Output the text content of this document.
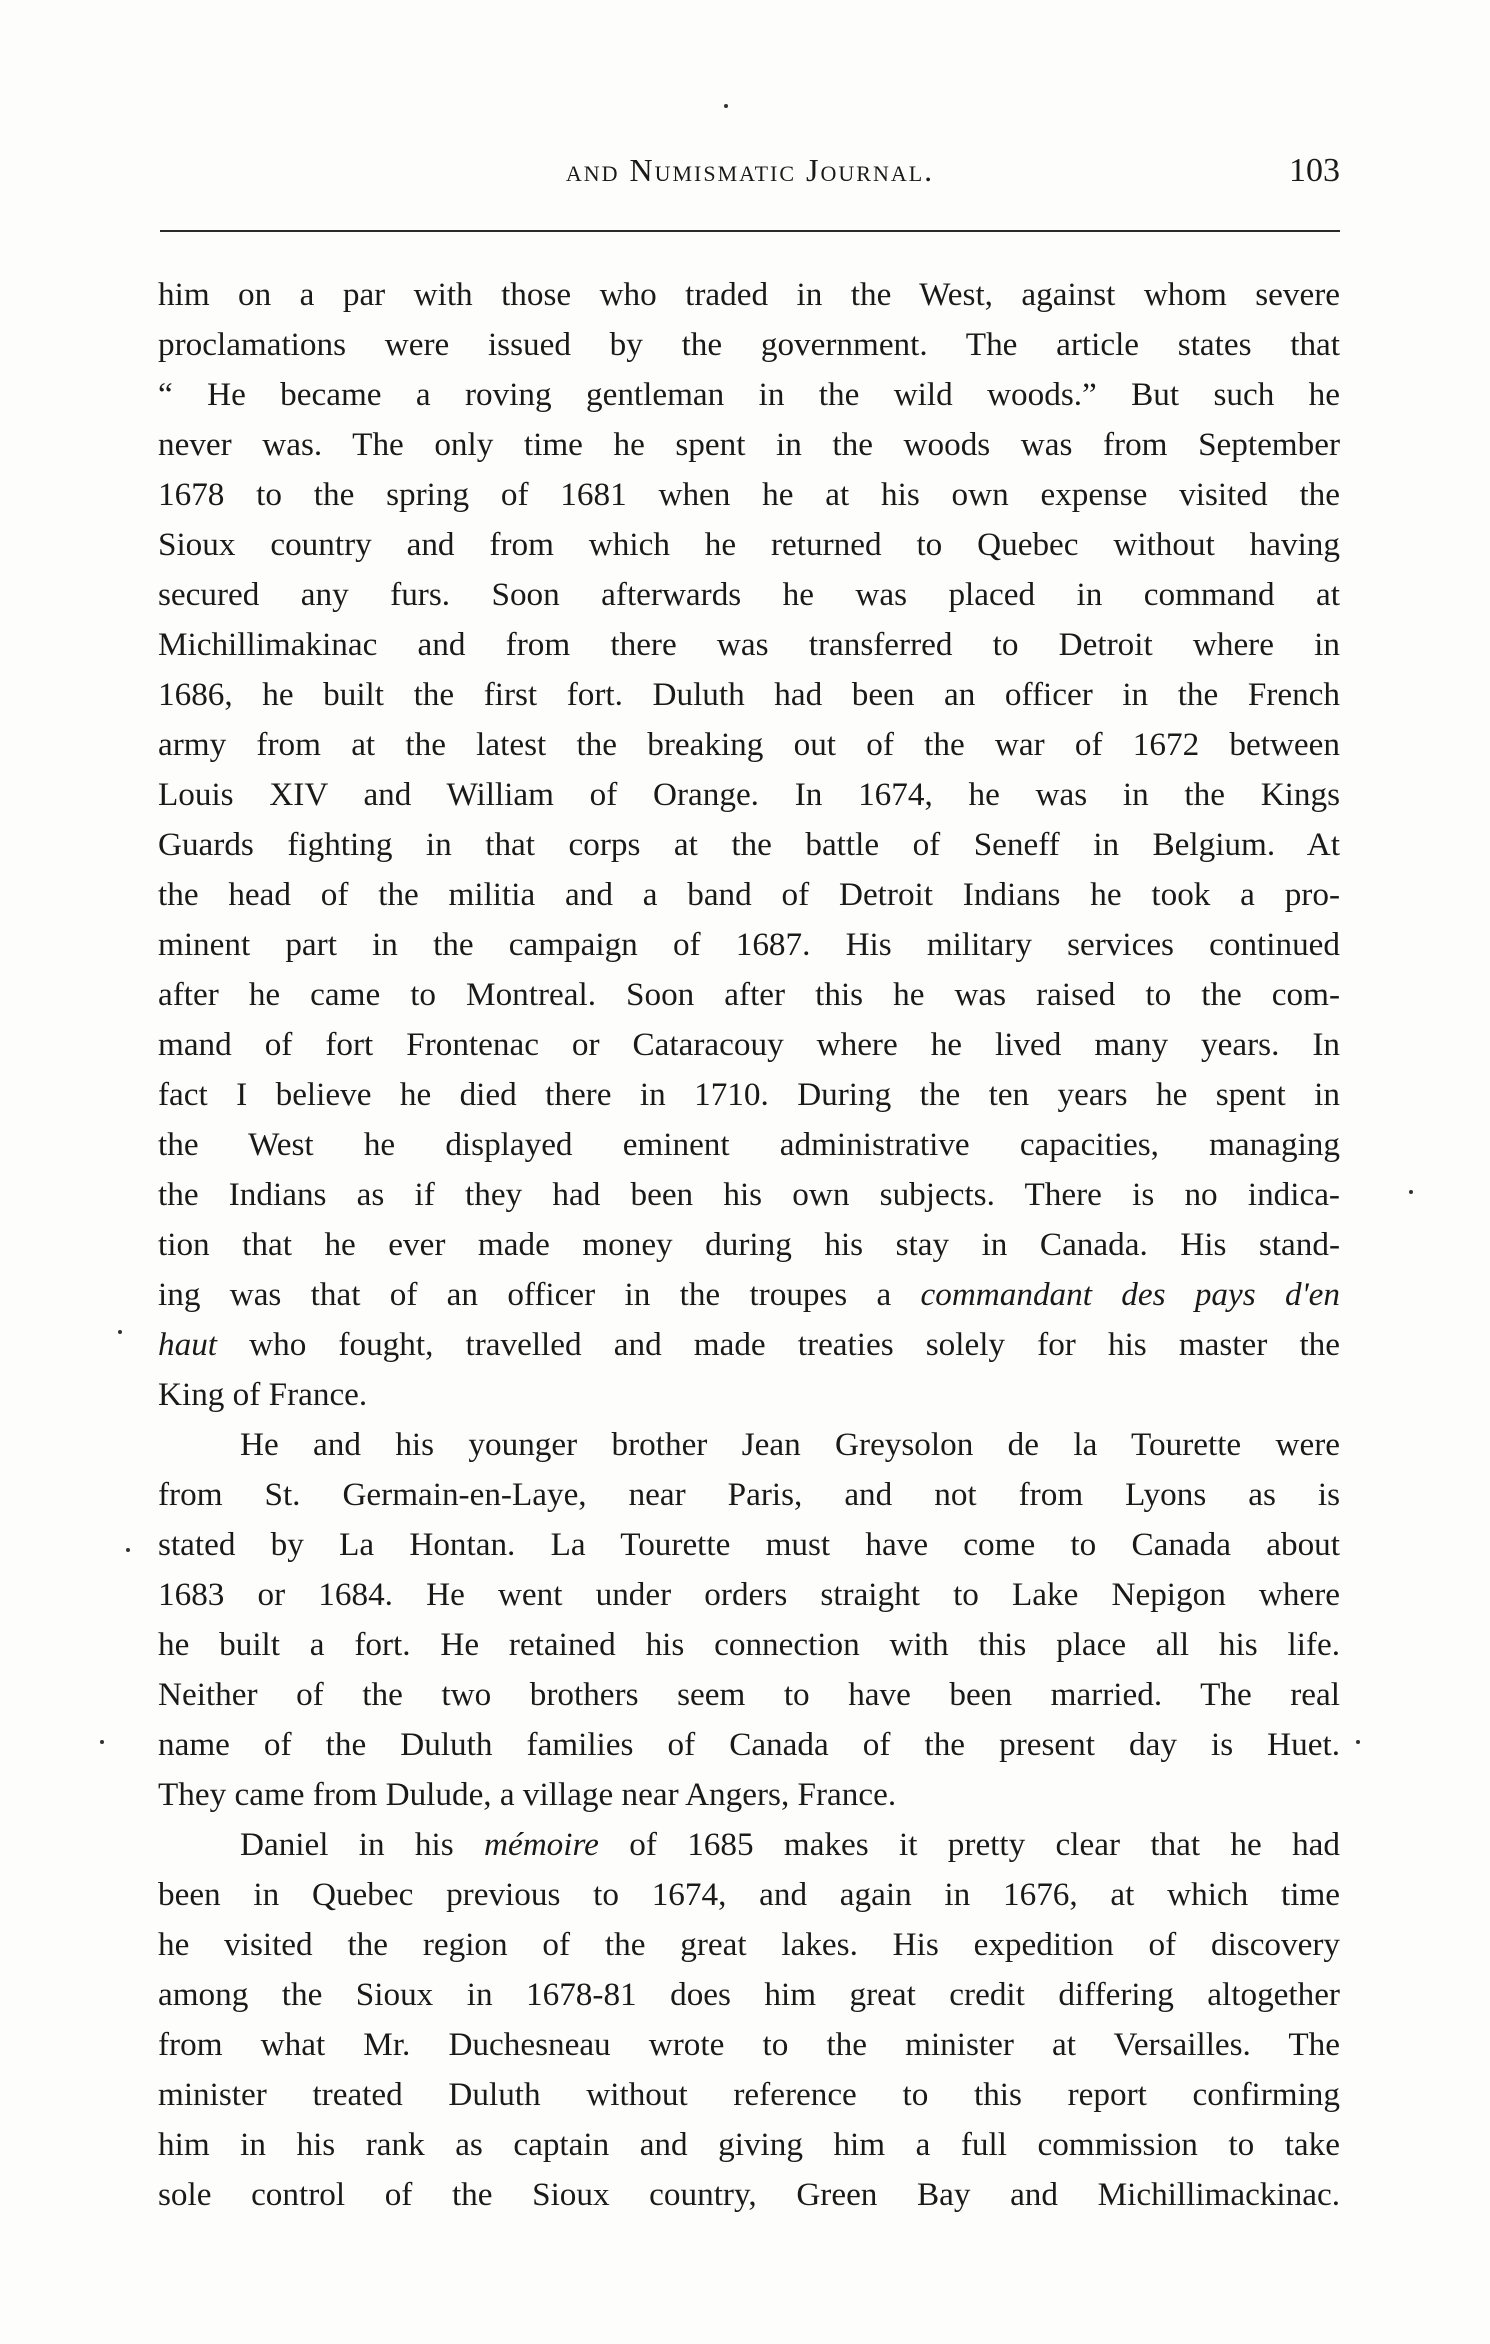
and Numismatic Journal.	103
him on a par with those who traded in the West, against whom severe
proclamations were issued by the government. The article states that
“ He became a roving gentleman in the wild woods.” But such he
never was. The only time he spent in the woods was from September
1678 to the spring of 1681 when he at his own expense visited the
Sioux country and from which he returned to Quebec without having
secured any furs. Soon afterwards he was placed in command at
Michillimakinac and from there was transferred to Detroit where in
1686, he built the first fort. Duluth had been an officer in the French
army from at the latest the breaking out of the war of 1672 between
Louis XIV and William of Orange. In 1674, he was in the Kings
Guards fighting in that corps at the battle of Seneff in Belgium. At
the head of the militia and a band of Detroit Indians he took a pro-
minent part in the campaign of 1687. His military services continued
after he came to Montreal. Soon after this he was raised to the com-
mand of fort Frontenac or Cataracouy where he lived many years. In
fact I believe he died there in 1710. During the ten years he spent in
the West he displayed eminent administrative capacities, managing
the Indians as if they had been his own subjects. There is no indica-
tion that he ever made money during his stay in Canada. His stand-
ing was that of an officer in the troupes a commandant des pays d'en
haut who fought, travelled and made treaties solely for his master the
King of France.
He and his younger brother Jean Greysolon de la Tourette were
from St. Germain-en-Laye, near Paris, and not from Lyons as is
stated by La Hontan. La Tourette must have come to Canada about
1683 or 1684. He went under orders straight to Lake Nepigon where
he built a fort. He retained his connection with this place all his life.
Neither of the two brothers seem to have been married. The real
name of the Duluth families of Canada of the present day is Huet.
They came from Dulude, a village near Angers, France.
Daniel in his mémoire of 1685 makes it pretty clear that he had
been in Quebec previous to 1674, and again in 1676, at which time
he visited the region of the great lakes. His expedition of discovery
among the Sioux in 1678-81 does him great credit differing altogether
from what Mr. Duchesneau wrote to the minister at Versailles. The
minister treated Duluth without reference to this report confirming
him in his rank as captain and giving him a full commission to take
sole control of the Sioux country, Green Bay and Michillimackinac.
